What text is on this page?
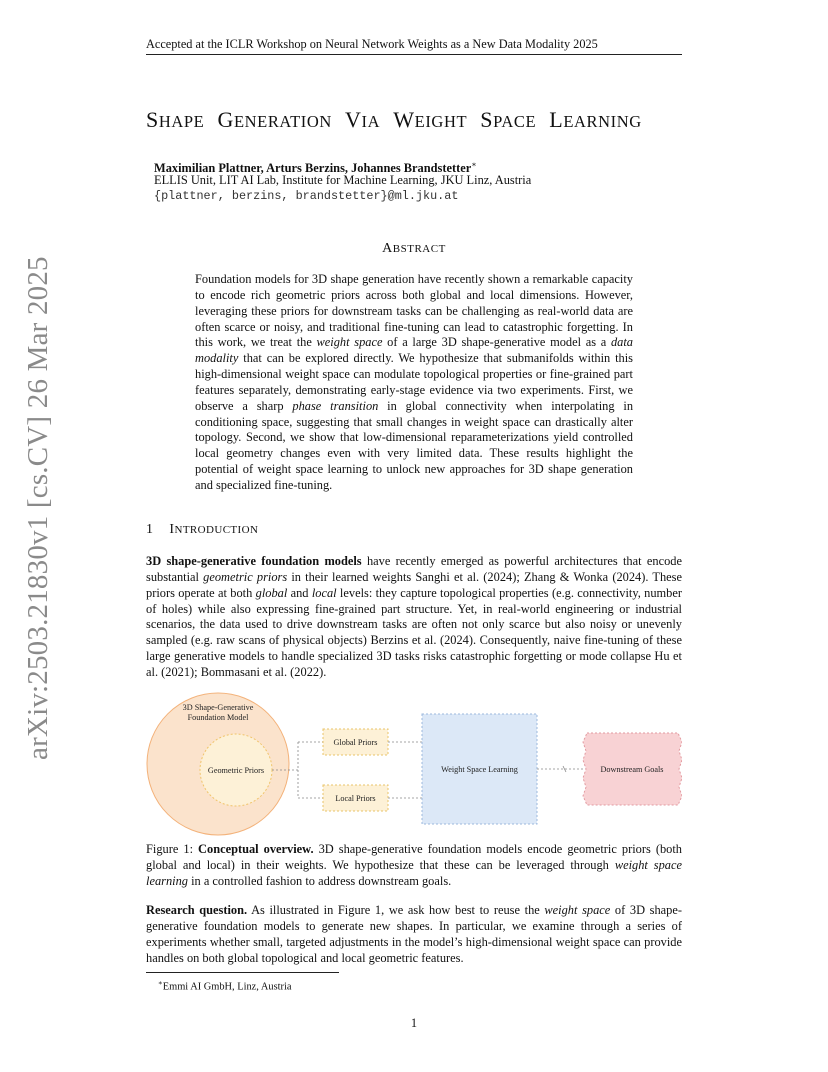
Accepted at the ICLR Workshop on Neural Network Weights as a New Data Modality 2025
arXiv:2503.21830v1 [cs.CV] 26 Mar 2025
SHAPE GENERATION VIA WEIGHT SPACE LEARNING
Maximilian Plattner, Arturs Berzins, Johannes Brandstetter∗
ELLIS Unit, LIT AI Lab, Institute for Machine Learning, JKU Linz, Austria
{plattner, berzins, brandstetter}@ml.jku.at
ABSTRACT
Foundation models for 3D shape generation have recently shown a remarkable capacity to encode rich geometric priors across both global and local dimensions. However, leveraging these priors for downstream tasks can be challenging as real-world data are often scarce or noisy, and traditional fine-tuning can lead to catastrophic forgetting. In this work, we treat the weight space of a large 3D shape-generative model as a data modality that can be explored directly. We hypothesize that submanifolds within this high-dimensional weight space can modulate topological properties or fine-grained part features separately, demonstrating early-stage evidence via two experiments. First, we observe a sharp phase transition in global connectivity when interpolating in conditioning space, suggesting that small changes in weight space can drastically alter topology. Second, we show that low-dimensional reparameterizations yield controlled local geometry changes even with very limited data. These results highlight the potential of weight space learning to unlock new approaches for 3D shape generation and specialized fine-tuning.
1 INTRODUCTION
3D shape-generative foundation models have recently emerged as powerful architectures that encode substantial geometric priors in their learned weights Sanghi et al. (2024); Zhang & Wonka (2024). These priors operate at both global and local levels: they capture topological properties (e.g. connectivity, number of holes) while also expressing fine-grained part structure. Yet, in real-world engineering or industrial scenarios, the data used to drive downstream tasks are often not only scarce but also noisy or unevenly sampled (e.g. raw scans of physical objects) Berzins et al. (2024). Consequently, naive fine-tuning of these large generative models to handle specialized 3D tasks risks catastrophic forgetting or mode collapse Hu et al. (2021); Bommasani et al. (2022).
3D Shape-Generative
Foundation Model
Geometric Priors
Global Priors
Local Priors
Weight Space Learning	Downstream Goals
Figure 1: Conceptual overview. 3D shape-generative foundation models encode geometric priors (both global and local) in their weights. We hypothesize that these can be leveraged through weight space learning in a controlled fashion to address downstream goals.
Research question. As illustrated in Figure 1, we ask how best to reuse the weight space of 3D shape-generative foundation models to generate new shapes. In particular, we examine through a series of experiments whether small, targeted adjustments in the model’s high-dimensional weight space can provide handles on both global topological and local geometric features.
∗Emmi AI GmbH, Linz, Austria
1
